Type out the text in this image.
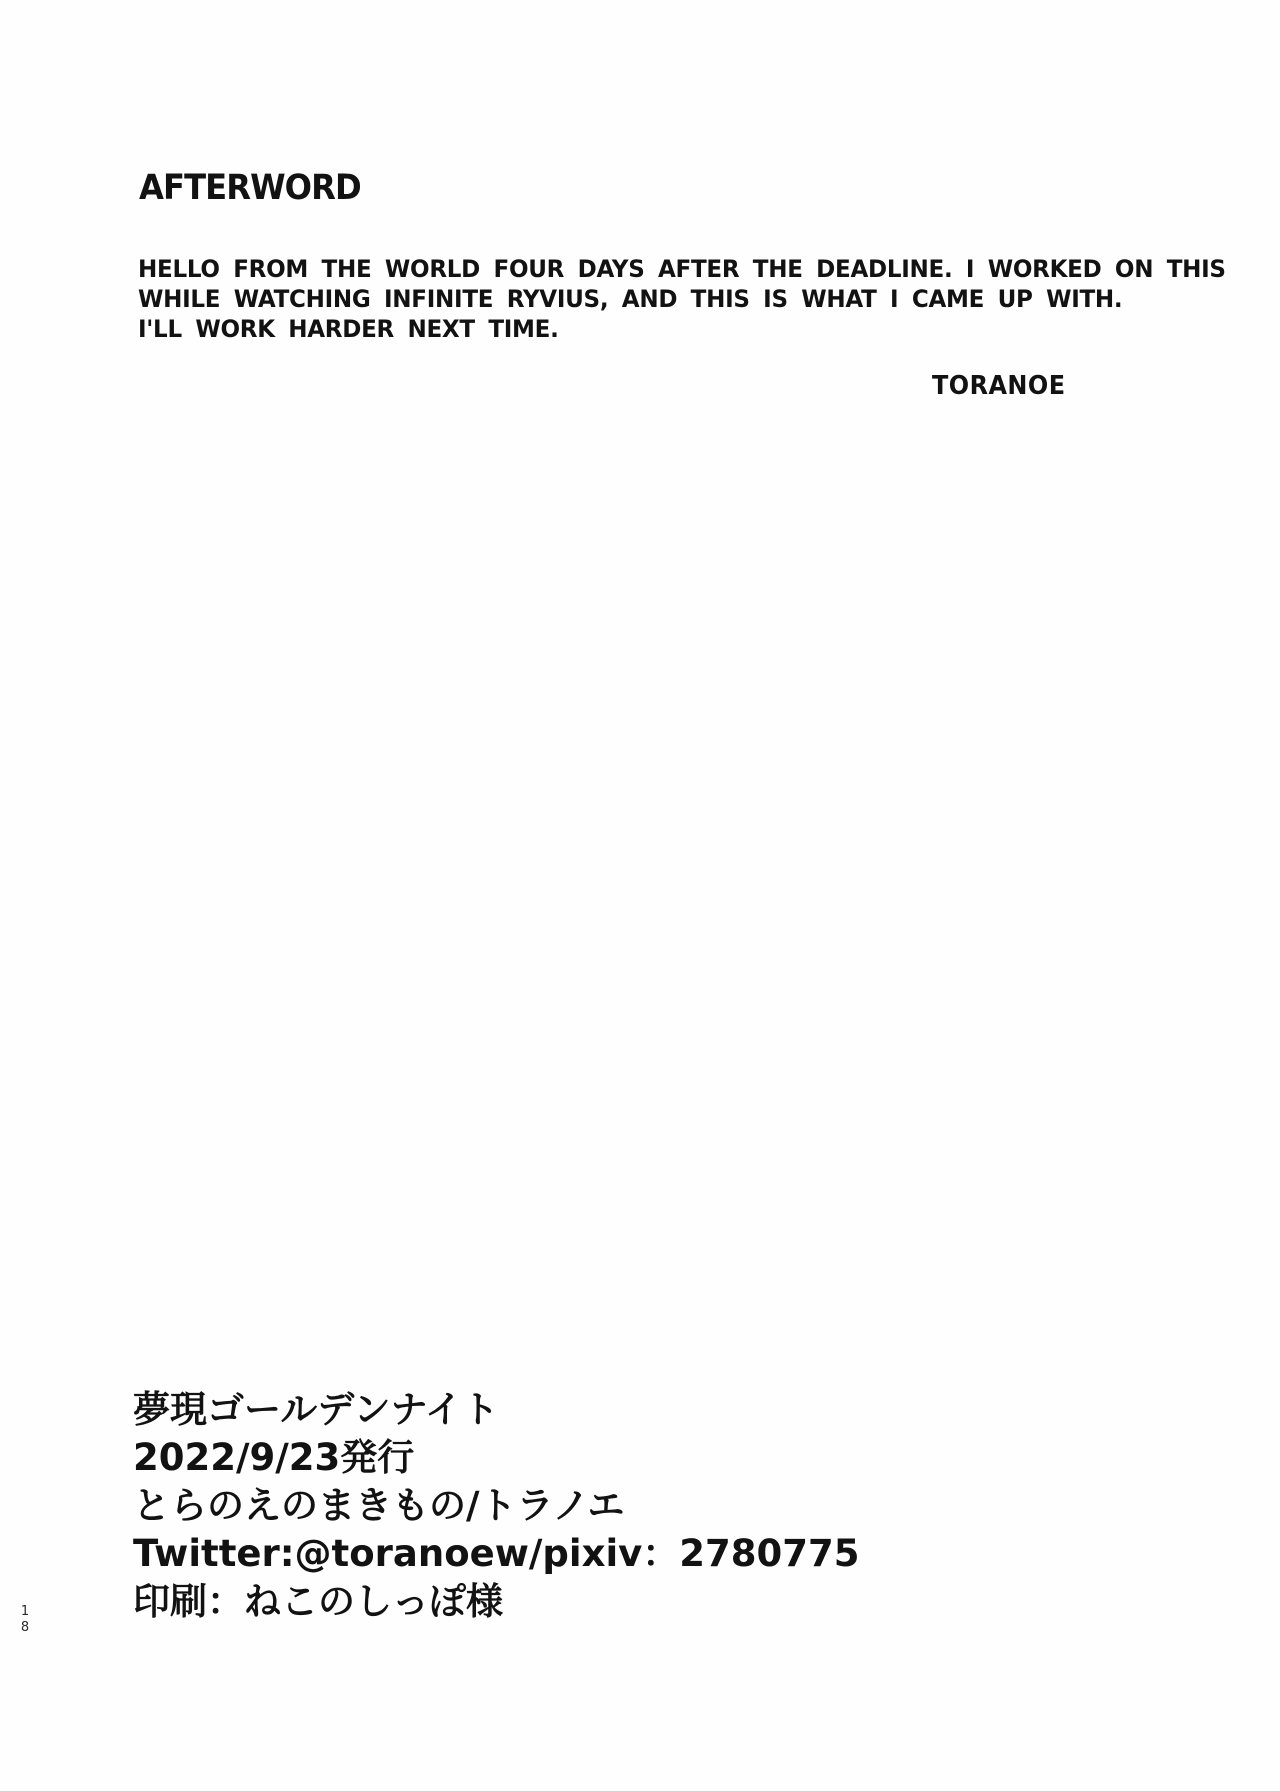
AFTERWORD
HELLO FROM THE WORLD FOUR DAYS AFTER THE DEADLINE. I WORKED ON THIS
WHILE WATCHING INFINITE RYVIUS, AND THIS IS WHAT I CAME UP WITH.
I'LL WORK HARDER NEXT TIME.
TORANOE
夢現ゴールデンナイト
2022/9/23発行
とらのえのまきもの/トラノエ
Twitter:@toranoew/pixiv：2780775
印刷：ねこのしっぽ様
1
8
